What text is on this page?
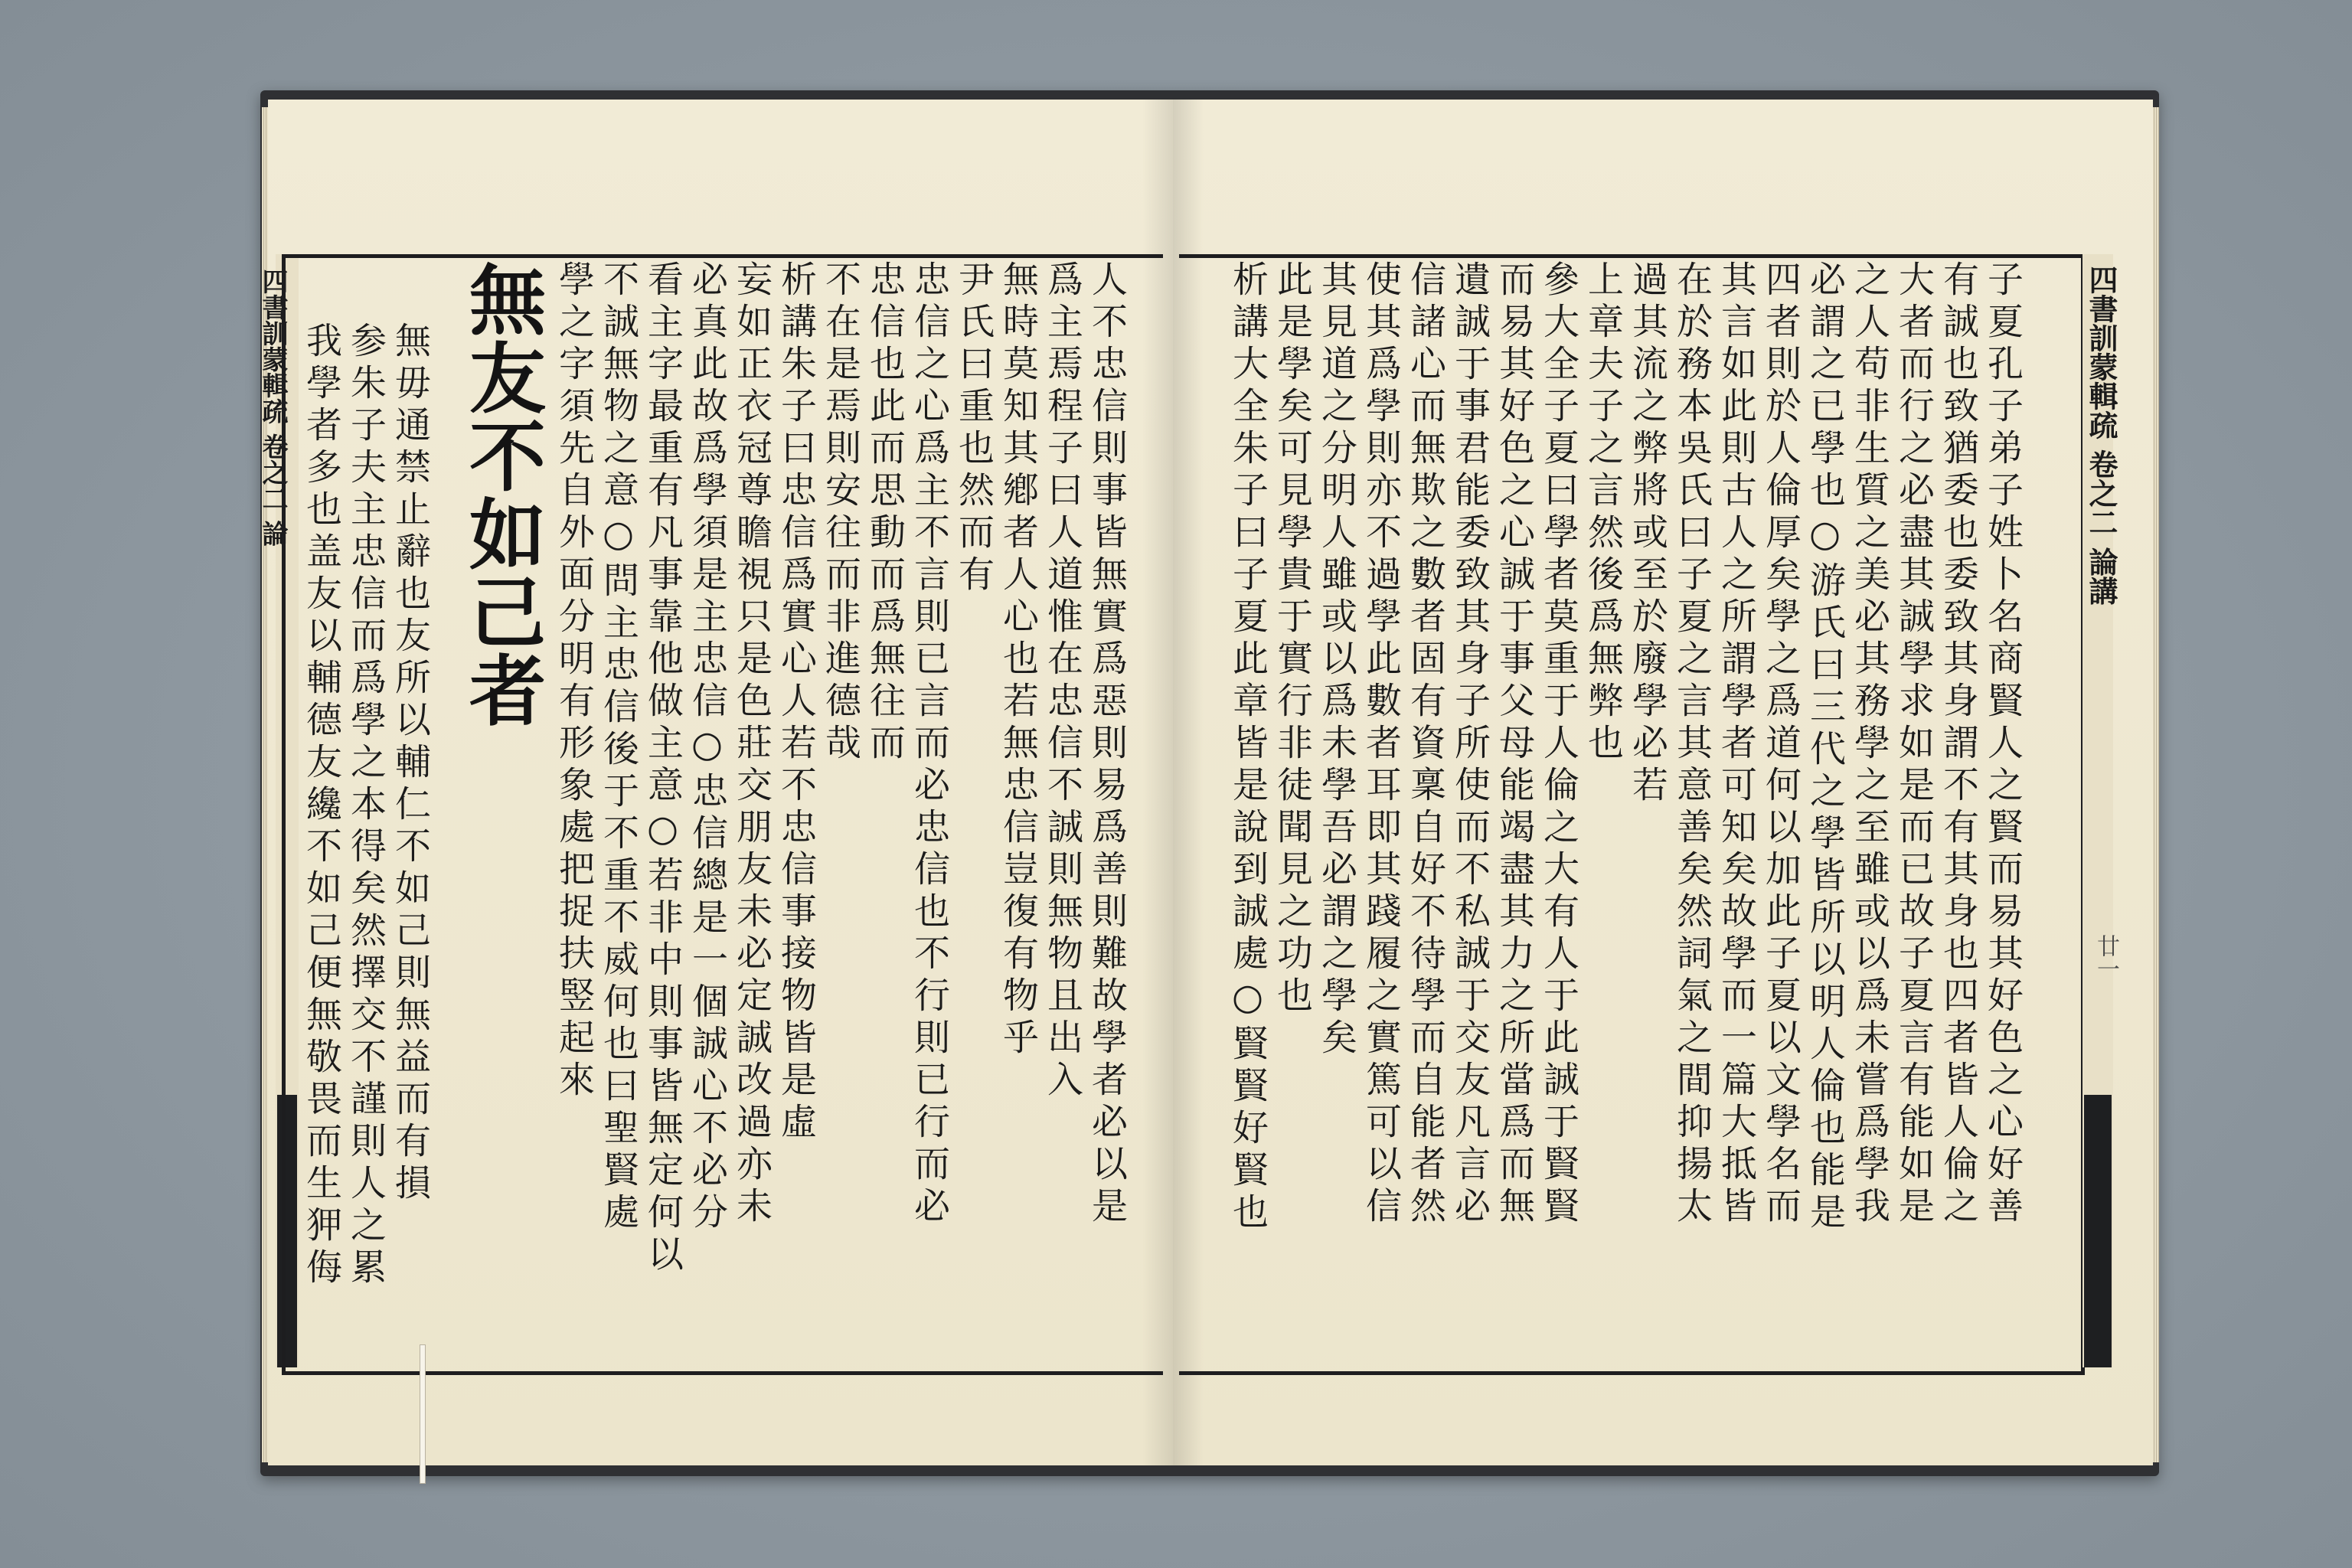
四書訓蒙輯疏 卷之二 論	四書訓蒙輯疏 卷之二 論講
廿一
無友不如己者
無毋通禁止辭也友所以輔仁不如己則無益而有損
参朱子夫主忠信而爲學之本得矣然擇交不謹則人之累
我學者多也盖友以輔德友纔不如己便無敬畏而生狎侮	人不忠信則事皆無實爲惡則易爲善則難故學者必以是
爲主焉程子曰人道惟在忠信不誠則無物且出入
無時莫知其鄕者人心也若無忠信豈復有物乎
尹氏曰重也然而有
忠信之心爲主不言則已言而必忠信也不行則已行而必
忠信也此而思動而爲無往而
不在是焉則安往而非進德哉
析講朱子曰忠信爲實心人若不忠信事接物皆是虛
妄如正衣冠尊瞻視只是色莊交朋友未必定誠改過亦未
必真此故爲學須是主忠信○忠信總是一個誠心不必分
看主字最重有凡事靠他做主意○若非中則事皆無定何以
不誠無物之意○問主忠信後于不重不威何也曰聖賢處
學之字須先自外面分明有形象處把捉扶竪起來	子夏孔子弟子姓卜名商賢人之賢而易其好色之心好善
有誠也致猶委也委致其身謂不有其身也四者皆人倫之
大者而行之必盡其誠學求如是而已故子夏言有能如是
之人苟非生質之美必其務學之至雖或以爲未嘗爲學我
必謂之已學也○游氏曰三代之學皆所以明人倫也能是
四者則於人倫厚矣學之爲道何以加此子夏以文學名而
其言如此則古人之所謂學者可知矣故學而一篇大抵皆
在於務本吳氏曰子夏之言其意善矣然詞氣之間抑揚太
過其流之弊將或至於廢學必若
上章夫子之言然後爲無弊也
參大全子夏曰學者莫重于人倫之大有人于此誠于賢賢
而易其好色之心誠于事父母能竭盡其力之所當爲而無
遺誠于事君能委致其身子所使而不私誠于交友凡言必
信諸心而無欺之數者固有資稟自好不待學而自能者然
使其爲學則亦不過學此數者耳即其踐履之實篤可以信
其見道之分明人雖或以爲未學吾必謂之學矣
此是學矣可見學貴于實行非徒聞見之功也
析講大全朱子曰子夏此章皆是說到誠處○賢賢好賢也
